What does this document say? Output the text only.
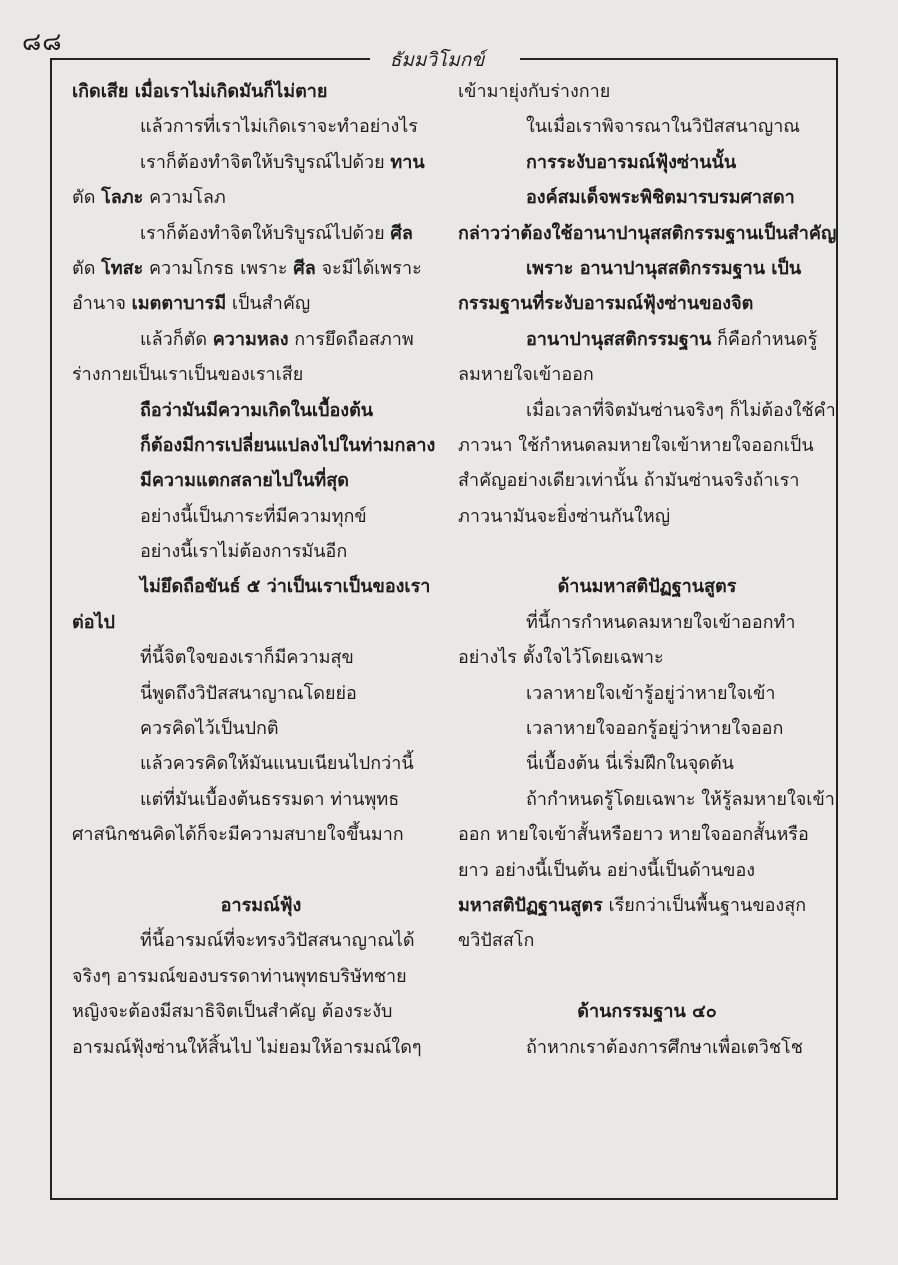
๘๘
ธัมมวิโมกข์
เกิดเสีย เมื่อเราไม่เกิดมันก็ไม่ตาย
แล้วการที่เราไม่เกิดเราจะทำอย่างไร
เราก็ต้องทำจิตให้บริบูรณ์ไปด้วย ทาน
ตัด โลภะ ความโลภ
เราก็ต้องทำจิตให้บริบูรณ์ไปด้วย ศีล
ตัด โทสะ ความโกรธ เพราะ ศีล จะมีได้เพราะ
อำนาจ เมตตาบารมี เป็นสำคัญ
แล้วก็ตัด ความหลง การยึดถือสภาพ
ร่างกายเป็นเราเป็นของเราเสีย
ถือว่ามันมีความเกิดในเบื้องต้น
ก็ต้องมีการเปลี่ยนแปลงไปในท่ามกลาง
มีความแตกสลายไปในที่สุด
อย่างนี้เป็นภาระที่มีความทุกข์
อย่างนี้เราไม่ต้องการมันอีก
ไม่ยึดถือขันธ์ ๕ ว่าเป็นเราเป็นของเรา
ต่อไป
ที่นี้จิตใจของเราก็มีความสุข
นี่พูดถึงวิปัสสนาญาณโดยย่อ
ควรคิดไว้เป็นปกติ
แล้วควรคิดให้มันแนบเนียนไปกว่านี้
แต่ที่มันเบื้องต้นธรรมดา ท่านพุทธ
ศาสนิกชนคิดได้ก็จะมีความสบายใจขึ้นมาก
อารมณ์ฟุ้ง
ที่นี้อารมณ์ที่จะทรงวิปัสสนาญาณได้
จริงๆ อารมณ์ของบรรดาท่านพุทธบริษัทชาย
หญิงจะต้องมีสมาธิจิตเป็นสำคัญ ต้องระงับ
อารมณ์ฟุ้งซ่านให้สิ้นไป ไม่ยอมให้อารมณ์ใดๆ
เข้ามายุ่งกับร่างกาย
ในเมื่อเราพิจารณาในวิปัสสนาญาณ
การระงับอารมณ์ฟุ้งซ่านนั้น
องค์สมเด็จพระพิชิตมารบรมศาสดา
กล่าวว่าต้องใช้อานาปานุสสติกรรมฐานเป็นสำคัญ
เพราะ อานาปานุสสติกรรมฐาน เป็น
กรรมฐานที่ระงับอารมณ์ฟุ้งซ่านของจิต
อานาปานุสสติกรรมฐาน ก็คือกำหนดรู้
ลมหายใจเข้าออก
เมื่อเวลาที่จิตมันซ่านจริงๆ ก็ไม่ต้องใช้คำ
ภาวนา ใช้กำหนดลมหายใจเข้าหายใจออกเป็น
สำคัญอย่างเดียวเท่านั้น ถ้ามันซ่านจริงถ้าเรา
ภาวนามันจะยิ่งซ่านกันใหญ่
ด้านมหาสติปัฏฐานสูตร
ที่นี้การกำหนดลมหายใจเข้าออกทำ
อย่างไร ตั้งใจไว้โดยเฉพาะ
เวลาหายใจเข้ารู้อยู่ว่าหายใจเข้า
เวลาหายใจออกรู้อยู่ว่าหายใจออก
นี่เบื้องต้น นี่เริ่มฝึกในจุดต้น
ถ้ากำหนดรู้โดยเฉพาะ ให้รู้ลมหายใจเข้า
ออก หายใจเข้าสั้นหรือยาว หายใจออกสั้นหรือ
ยาว อย่างนี้เป็นต้น อย่างนี้เป็นด้านของ
มหาสติปัฏฐานสูตร เรียกว่าเป็นพื้นฐานของสุก
ขวิปัสสโก
ด้านกรรมฐาน ๔๐
ถ้าหากเราต้องการศึกษาเพื่อเตวิชโช
